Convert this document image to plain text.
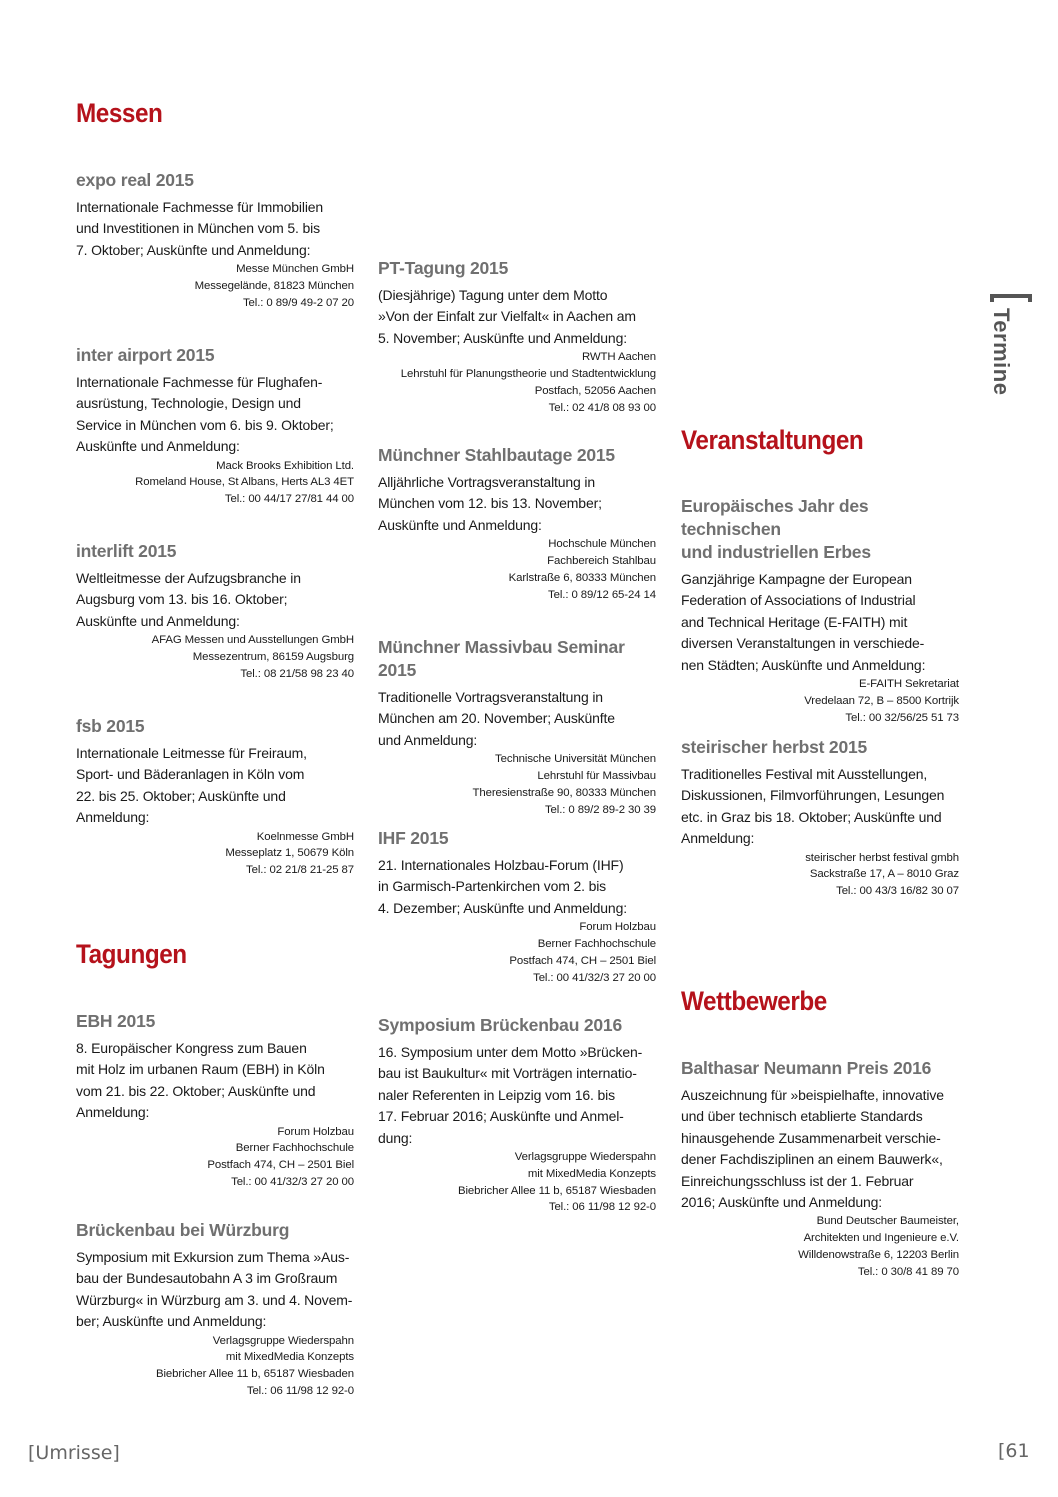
Termine
Messen

expo real 2015

Internationale Fachmesse für Immobilien
und Investitionen in München vom 5. bis
7. Oktober; Auskünfte und Anmeldung:

Messe München GmbH
Messegelände, 81823 München
Tel.: 0 89/9 49-2 07 20

inter airport 2015

Internationale Fachmesse für Flughafen-
ausrüstung, Technologie, Design und
Service in München vom 6. bis 9. Oktober;
Auskünfte und Anmeldung:

Mack Brooks Exhibition Ltd.
Romeland House, St Albans, Herts AL3 4ET
Tel.: 00 44/17 27/81 44 00

interlift 2015

Weltleitmesse der Aufzugsbranche in
Augsburg vom 13. bis 16. Oktober;
Auskünfte und Anmeldung:

AFAG Messen und Ausstellungen GmbH
Messezentrum, 86159 Augsburg
Tel.: 08 21/58 98 23 40

fsb 2015

Internationale Leitmesse für Freiraum,
Sport- und Bäderanlagen in Köln vom
22. bis 25. Oktober; Auskünfte und
Anmeldung:

Koelnmesse GmbH
Messeplatz 1, 50679 Köln
Tel.: 02 21/8 21-25 87

Tagungen

EBH 2015

8. Europäischer Kongress zum Bauen
mit Holz im urbanen Raum (EBH) in Köln
vom 21. bis 22. Oktober; Auskünfte und
Anmeldung:

Forum Holzbau
Berner Fachhochschule
Postfach 474, CH – 2501 Biel
Tel.: 00 41/32/3 27 20 00

Brückenbau bei Würzburg

Symposium mit Exkursion zum Thema »Aus-
bau der Bundesautobahn A 3 im Großraum
Würzburg« in Würzburg am 3. und 4. Novem-
ber; Auskünfte und Anmeldung:

Verlagsgruppe Wiederspahn
mit MixedMedia Konzepts
Biebricher Allee 11 b, 65187 Wiesbaden
Tel.: 06 11/98 12 92-0

PT-Tagung 2015

(Diesjährige) Tagung unter dem Motto
»Von der Einfalt zur Vielfalt« in Aachen am
5. November; Auskünfte und Anmeldung:

RWTH Aachen
Lehrstuhl für Planungstheorie und Stadtentwicklung
Postfach, 52056 Aachen
Tel.: 02 41/8 08 93 00

Münchner Stahlbautage 2015

Alljährliche Vortragsveranstaltung in
München vom 12. bis 13. November;
Auskünfte und Anmeldung:

Hochschule München
Fachbereich Stahlbau
Karlstraße 6, 80333 München
Tel.: 0 89/12 65-24 14

Münchner Massivbau Seminar 2015

Traditionelle Vortragsveranstaltung in
München am 20. November; Auskünfte
und Anmeldung:

Technische Universität München
Lehrstuhl für Massivbau
Theresienstraße 90, 80333 München
Tel.: 0 89/2 89-2 30 39

IHF 2015

21. Internationales Holzbau-Forum (IHF)
in Garmisch-Partenkirchen vom 2. bis
4. Dezember; Auskünfte und Anmeldung:

Forum Holzbau
Berner Fachhochschule
Postfach 474, CH – 2501 Biel
Tel.: 00 41/32/3 27 20 00

Symposium Brückenbau 2016

16. Symposium unter dem Motto »Brücken-
bau ist Baukultur« mit Vorträgen internatio-
naler Referenten in Leipzig vom 16. bis
17. Februar 2016; Auskünfte und Anmel-
dung:

Verlagsgruppe Wiederspahn
mit MixedMedia Konzepts
Biebricher Allee 11 b, 65187 Wiesbaden
Tel.: 06 11/98 12 92-0

Veranstaltungen

Europäisches Jahr des technischen
und industriellen Erbes

Ganzjährige Kampagne der European
Federation of Associations of Industrial
and Technical Heritage (E-FAITH) mit
diversen Veranstaltungen in verschiede-
nen Städten; Auskünfte und Anmeldung:

E-FAITH Sekretariat
Vredelaan 72, B – 8500 Kortrijk
Tel.: 00 32/56/25 51 73

steirischer herbst 2015

Traditionelles Festival mit Ausstellungen,
Diskussionen, Filmvorführungen, Lesungen
etc. in Graz bis 18. Oktober; Auskünfte und
Anmeldung:

steirischer herbst festival gmbh
Sackstraße 17, A – 8010 Graz
Tel.: 00 43/3 16/82 30 07

Wettbewerbe

Balthasar Neumann Preis 2016

Auszeichnung für »beispielhafte, innovative
und über technisch etablierte Standards
hinausgehende Zusammenarbeit verschie-
dener Fachdisziplinen an einem Bauwerk«,
Einreichungsschluss ist der 1. Februar
2016; Auskünfte und Anmeldung:

Bund Deutscher Baumeister,
Architekten und Ingenieure e.V.
Willdenowstraße 6, 12203 Berlin
Tel.: 0 30/8 41 89 70

[Umrisse]	[61
